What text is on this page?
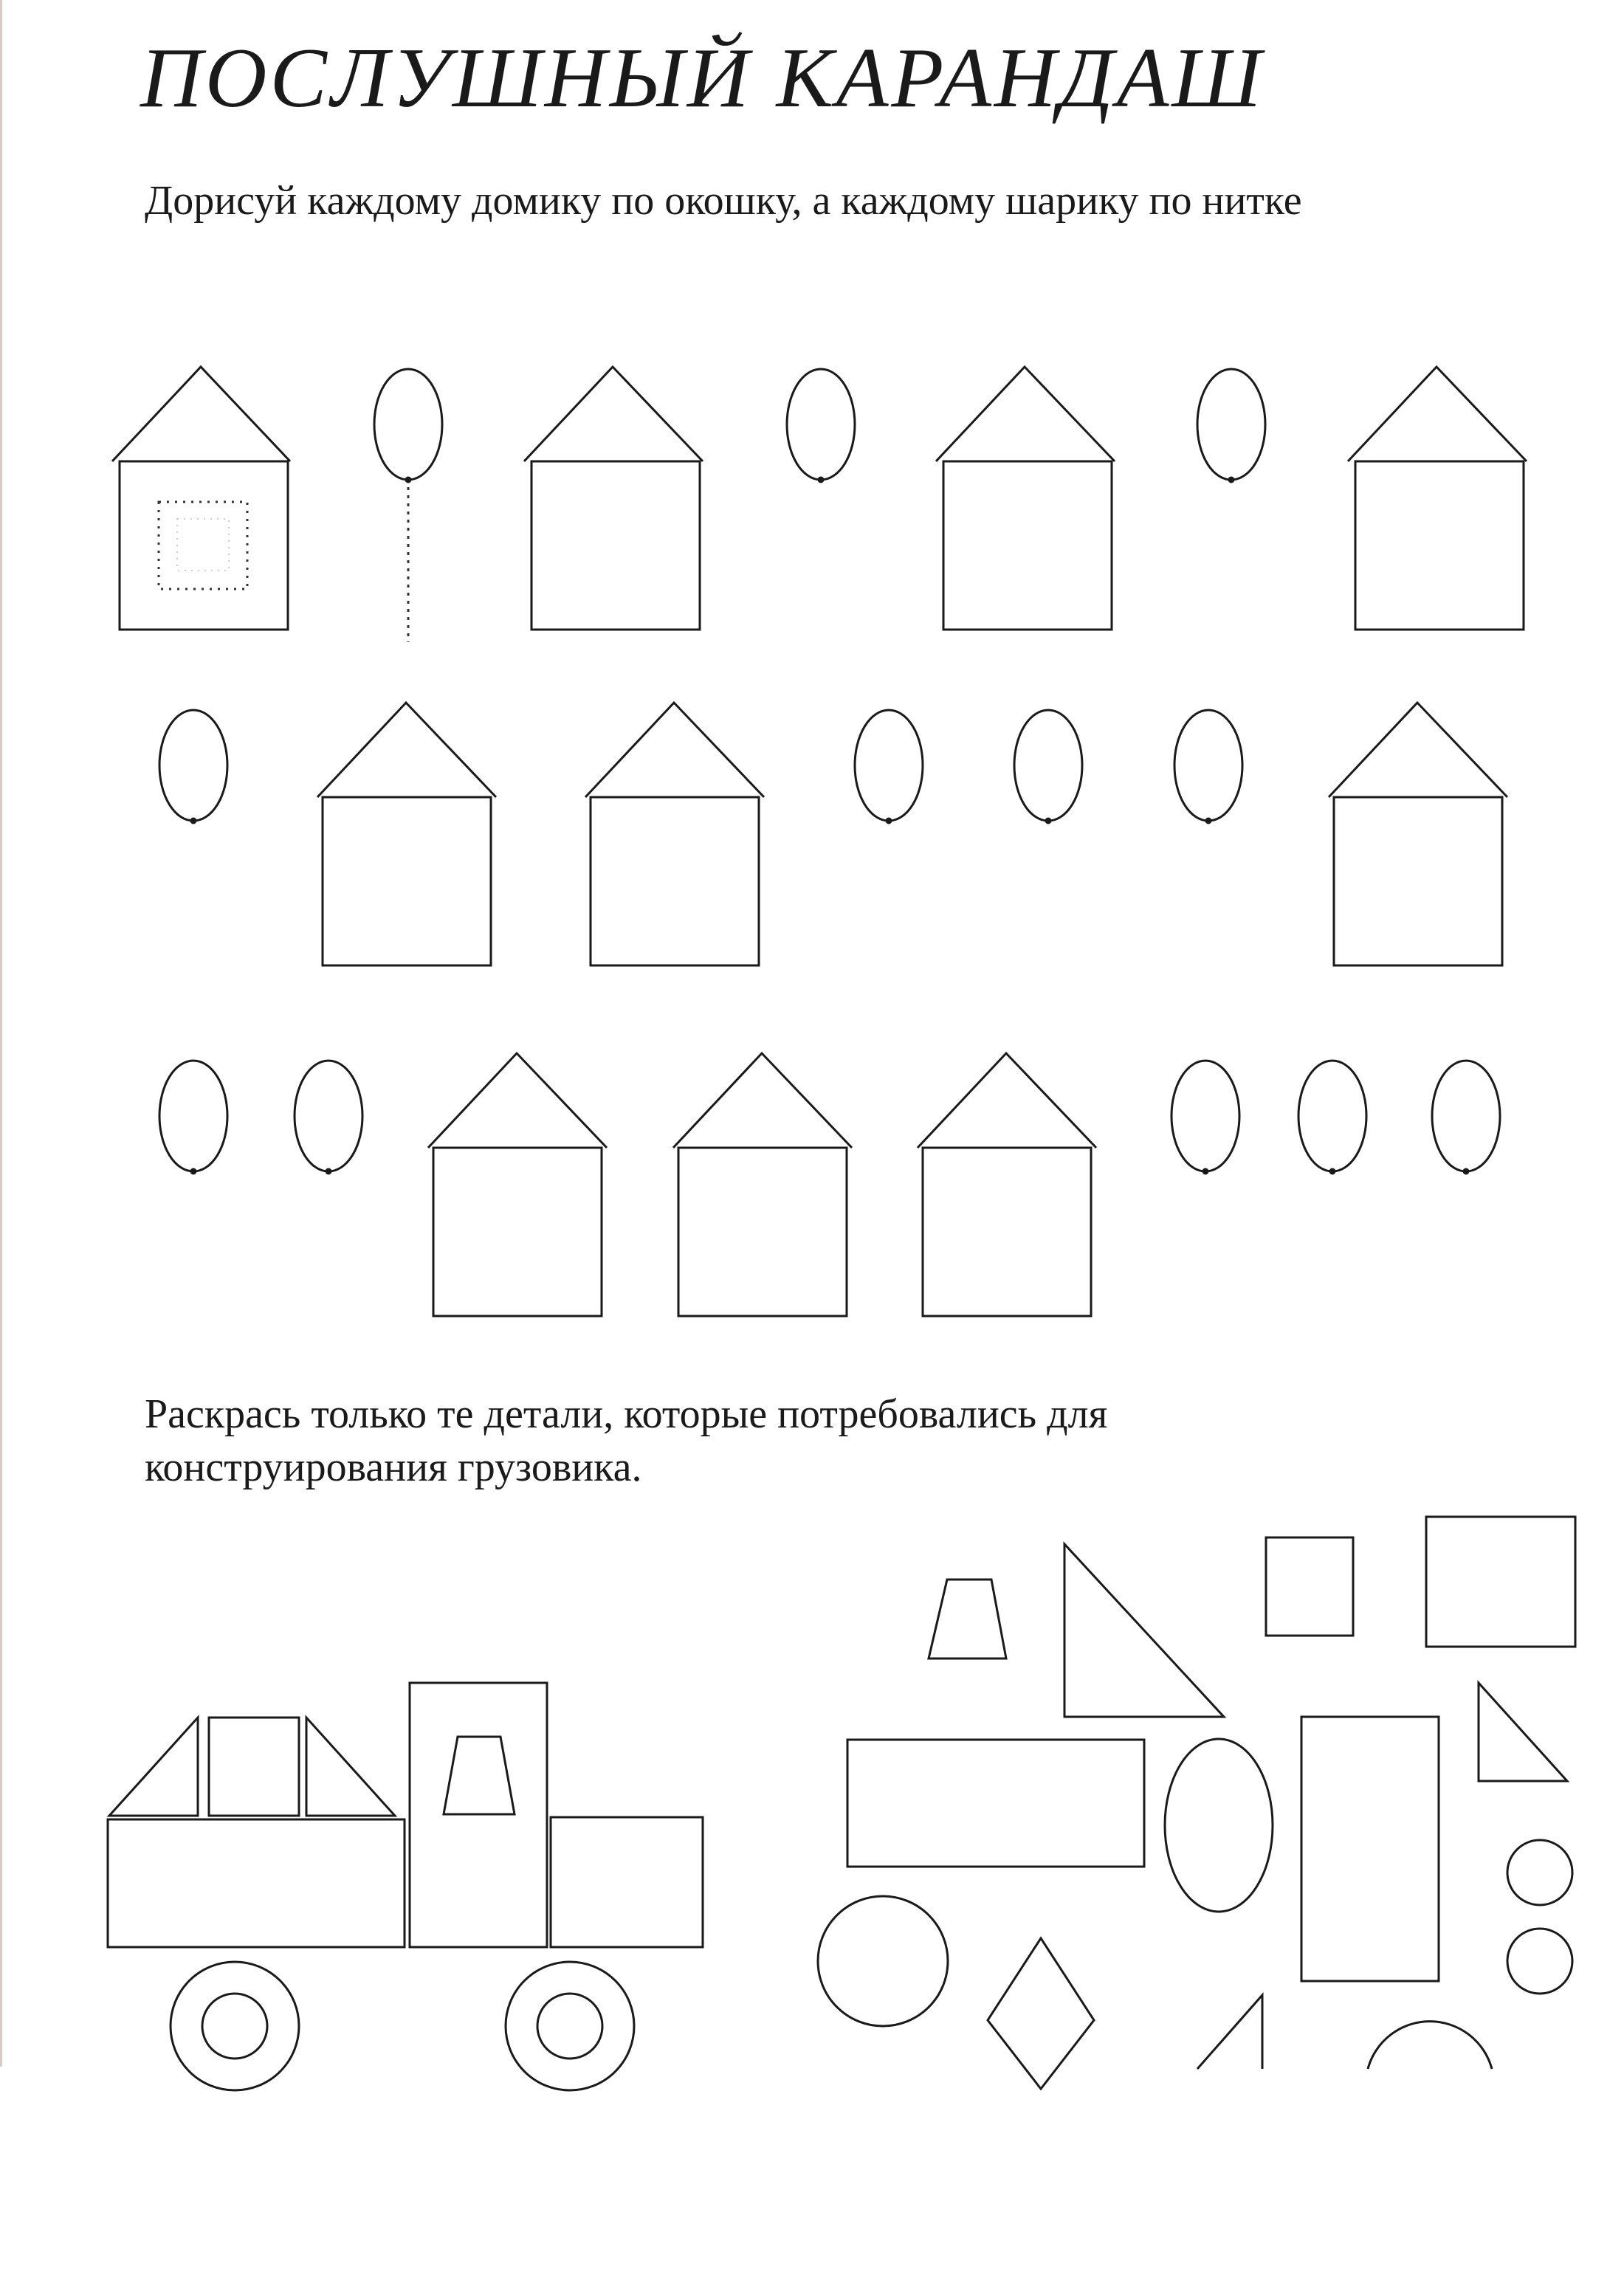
ПОСЛУШНЫЙ КАРАНДАШ

Дорисуй каждому домику по окошку, а каждому шарику по нитке

Раскрась только те детали, которые потребовались для конструирования грузовика.
